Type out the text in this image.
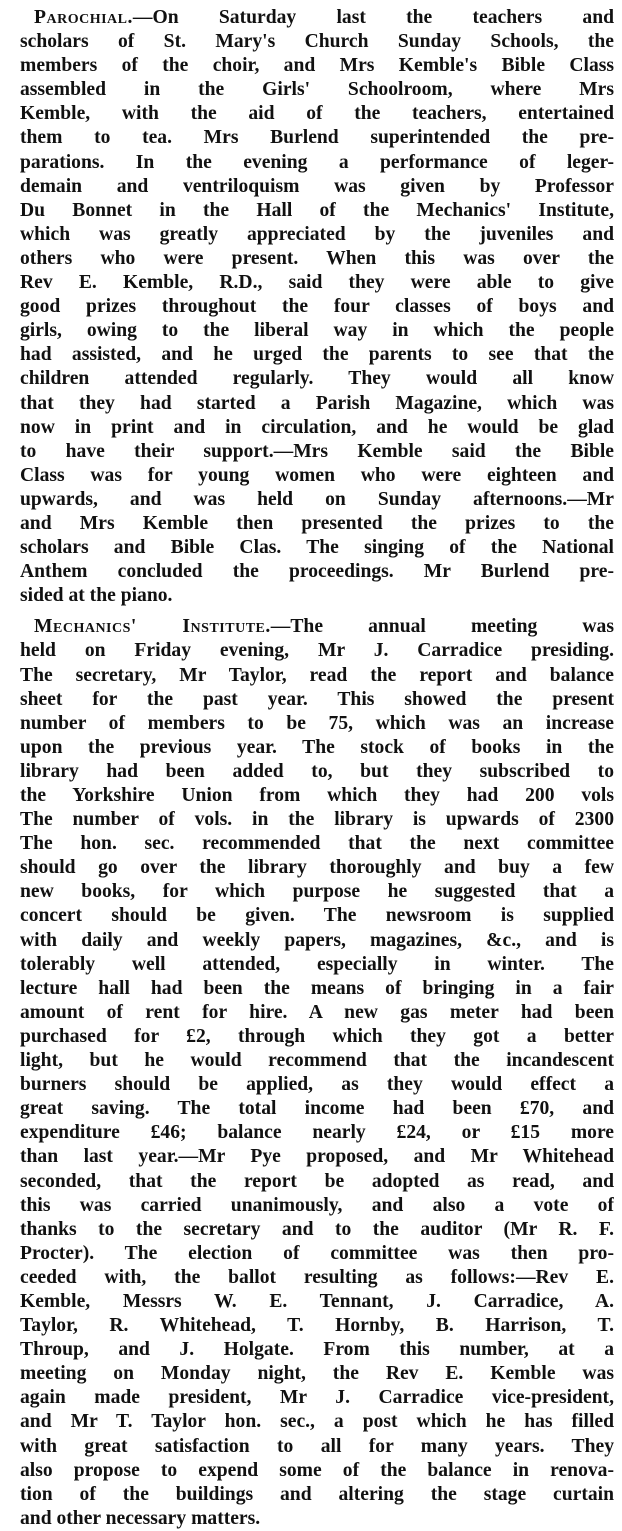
Parochial.—On Saturday last the teachers and
scholars of St. Mary's Church Sunday Schools, the
members of the choir, and Mrs Kemble's Bible Class
assembled in the Girls' Schoolroom, where Mrs
Kemble, with the aid of the teachers, entertained
them to tea. Mrs Burlend superintended the pre-
parations. In the evening a performance of leger-
demain and ventriloquism was given by Professor
Du Bonnet in the Hall of the Mechanics' Institute,
which was greatly appreciated by the juveniles and
others who were present. When this was over the
Rev E. Kemble, R.D., said they were able to give
good prizes throughout the four classes of boys and
girls, owing to the liberal way in which the people
had assisted, and he urged the parents to see that the
children attended regularly. They would all know
that they had started a Parish Magazine, which was
now in print and in circulation, and he would be glad
to have their support.—Mrs Kemble said the Bible
Class was for young women who were eighteen and
upwards, and was held on Sunday afternoons.—Mr
and Mrs Kemble then presented the prizes to the
scholars and Bible Clas. The singing of the National
Anthem concluded the proceedings. Mr Burlend pre-
sided at the piano.
Mechanics' Institute.—The annual meeting was
held on Friday evening, Mr J. Carradice presiding.
The secretary, Mr Taylor, read the report and balance
sheet for the past year. This showed the present
number of members to be 75, which was an increase
upon the previous year. The stock of books in the
library had been added to, but they subscribed to
the Yorkshire Union from which they had 200 vols
The number of vols. in the library is upwards of 2300
The hon. sec. recommended that the next committee
should go over the library thoroughly and buy a few
new books, for which purpose he suggested that a
concert should be given. The newsroom is supplied
with daily and weekly papers, magazines, &c., and is
tolerably well attended, especially in winter. The
lecture hall had been the means of bringing in a fair
amount of rent for hire. A new gas meter had been
purchased for £2, through which they got a better
light, but he would recommend that the incandescent
burners should be applied, as they would effect a
great saving. The total income had been £70, and
expenditure £46; balance nearly £24, or £15 more
than last year.—Mr Pye proposed, and Mr Whitehead
seconded, that the report be adopted as read, and
this was carried unanimously, and also a vote of
thanks to the secretary and to the auditor (Mr R. F.
Procter). The election of committee was then pro-
ceeded with, the ballot resulting as follows:—Rev E.
Kemble, Messrs W. E. Tennant, J. Carradice, A.
Taylor, R. Whitehead, T. Hornby, B. Harrison, T.
Throup, and J. Holgate. From this number, at a
meeting on Monday night, the Rev E. Kemble was
again made president, Mr J. Carradice vice-president,
and Mr T. Taylor hon. sec., a post which he has filled
with great satisfaction to all for many years. They
also propose to expend some of the balance in renova-
tion of the buildings and altering the stage curtain
and other necessary matters.
